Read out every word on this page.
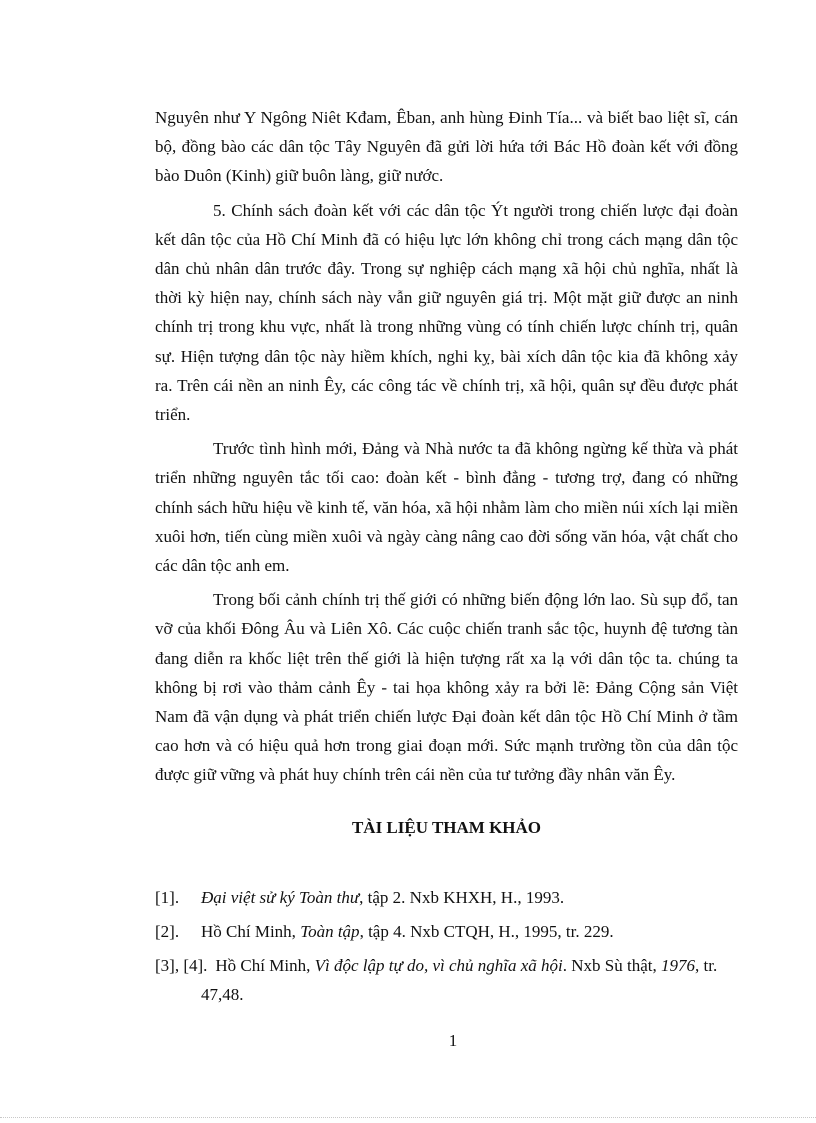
Nguyên như Y Ngông Niêt Kđam, Êban, anh hùng Đinh Tía... và biết bao liệt sĩ, cán bộ, đồng bào các dân tộc Tây Nguyên đã gửi lời hứa tới Bác Hồ đoàn kết với đồng bào Duôn (Kinh) giữ buôn làng, giữ nước.

5. Chính sách đoàn kết với các dân tộc Ýt người trong chiến lược đại đoàn kết dân tộc của Hồ Chí Minh đã có hiệu lực lớn không chỉ trong cách mạng dân tộc dân chủ nhân dân trước đây. Trong sự nghiệp cách mạng xã hội chủ nghĩa, nhất là thời kỳ hiện nay, chính sách này vẫn giữ nguyên giá trị. Một mặt giữ được an ninh chính trị trong khu vực, nhất là trong những vùng có tính chiến lược chính trị, quân sự. Hiện tượng dân tộc này hiềm khích, nghi kỵ, bài xích dân tộc kia đã không xảy ra. Trên cái nền an ninh Êy, các công tác về chính trị, xã hội, quân sự đều được phát triển.

Trước tình hình mới, Đảng và Nhà nước ta đã không ngừng kế thừa và phát triển những nguyên tắc tối cao: đoàn kết - bình đẳng - tương trợ, đang có những chính sách hữu hiệu về kinh tế, văn hóa, xã hội nhằm làm cho miền núi xích lại miền xuôi hơn, tiến cùng miền xuôi và ngày càng nâng cao đời sống văn hóa, vật chất cho các dân tộc anh em.

Trong bối cảnh chính trị thế giới có những biến động lớn lao. Sù sụp đổ, tan vỡ của khối Đông Âu và Liên Xô. Các cuộc chiến tranh sắc tộc, huynh đệ tương tàn đang diễn ra khốc liệt trên thế giới là hiện tượng rất xa lạ với dân tộc ta. chúng ta không bị rơi vào thảm cảnh Êy - tai họa không xảy ra bởi lẽ: Đảng Cộng sản Việt Nam đã vận dụng và phát triển chiến lược Đại đoàn kết dân tộc Hồ Chí Minh ở tầm cao hơn và có hiệu quả hơn trong giai đoạn mới. Sức mạnh trường tồn của dân tộc được giữ vững và phát huy chính trên cái nền của tư tưởng đầy nhân văn Êy.

TÀI LIỆU THAM KHẢO
[1]. Đại việt sử ký Toàn thư, tập 2. Nxb KHXH, H., 1993.
[2]. Hồ Chí Minh, Toàn tập, tập 4. Nxb CTQH, H., 1995, tr. 229.
[3], [4]. Hồ Chí Minh, Vì độc lập tự do, vì chủ nghĩa xã hội. Nxb Sù thật, 1976, tr. 47,48.
1
